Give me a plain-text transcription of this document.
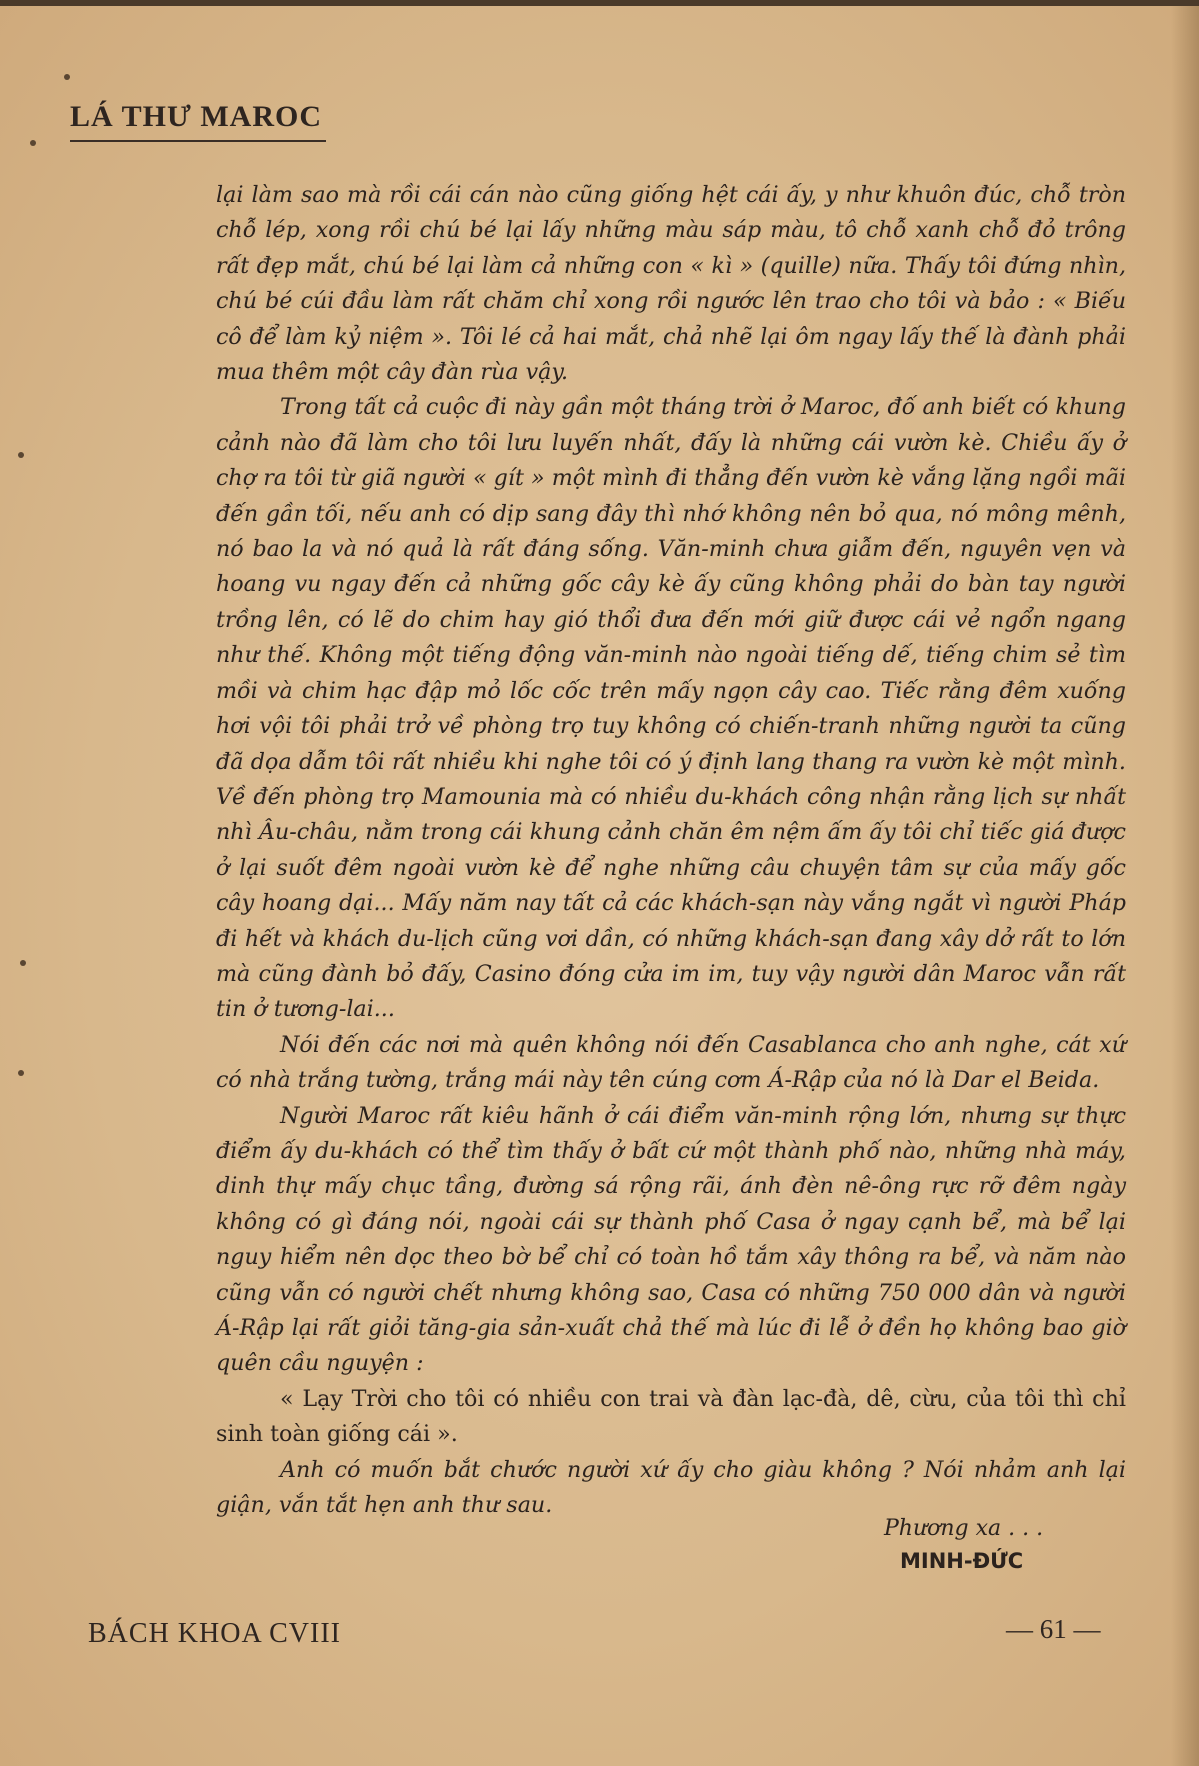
LÁ THƯ MAROC

lại làm sao mà rồi cái cán nào cũng giống hệt cái ấy, y như khuôn đúc, chỗ tròn chỗ lép, xong rồi chú bé lại lấy những màu sáp màu, tô chỗ xanh chỗ đỏ trông rất đẹp mắt, chú bé lại làm cả những con « kì » (quille) nữa. Thấy tôi đứng nhìn, chú bé cúi đầu làm rất chăm chỉ xong rồi ngước lên trao cho tôi và bảo : « Biếu cô để làm kỷ niệm ». Tôi lé cả hai mắt, chả nhẽ lại ôm ngay lấy thế là đành phải mua thêm một cây đàn rùa vậy.

Trong tất cả cuộc đi này gần một tháng trời ở Maroc, đố anh biết có khung cảnh nào đã làm cho tôi lưu luyến nhất, đấy là những cái vườn kè. Chiều ấy ở chợ ra tôi từ giã người « gít » một mình đi thẳng đến vườn kè vắng lặng ngồi mãi đến gần tối, nếu anh có dịp sang đây thì nhớ không nên bỏ qua, nó mông mênh, nó bao la và nó quả là rất đáng sống. Văn-minh chưa giẫm đến, nguyên vẹn và hoang vu ngay đến cả những gốc cây kè ấy cũng không phải do bàn tay người trồng lên, có lẽ do chim hay gió thổi đưa đến mới giữ được cái vẻ ngổn ngang như thế. Không một tiếng động văn-minh nào ngoài tiếng dế, tiếng chim sẻ tìm mồi và chim hạc đập mỏ lốc cốc trên mấy ngọn cây cao. Tiếc rằng đêm xuống hơi vội tôi phải trở về phòng trọ tuy không có chiến-tranh những người ta cũng đã dọa dẫm tôi rất nhiều khi nghe tôi có ý định lang thang ra vườn kè một mình. Về đến phòng trọ Mamounia mà có nhiều du-khách công nhận rằng lịch sự nhất nhì Âu-châu, nằm trong cái khung cảnh chăn êm nệm ấm ấy tôi chỉ tiếc giá được ở lại suốt đêm ngoài vườn kè để nghe những câu chuyện tâm sự của mấy gốc cây hoang dại... Mấy năm nay tất cả các khách-sạn này vắng ngắt vì người Pháp đi hết và khách du-lịch cũng vơi dần, có những khách-sạn đang xây dở rất to lớn mà cũng đành bỏ đấy, Casino đóng cửa im im, tuy vậy người dân Maroc vẫn rất tin ở tương-lai...

Nói đến các nơi mà quên không nói đến Casablanca cho anh nghe, cát xứ có nhà trắng tường, trắng mái này tên cúng cơm Á-Rập của nó là Dar el Beida.

Người Maroc rất kiêu hãnh ở cái điểm văn-minh rộng lớn, nhưng sự thực điểm ấy du-khách có thể tìm thấy ở bất cứ một thành phố nào, những nhà máy, dinh thự mấy chục tầng, đường sá rộng rãi, ánh đèn nê-ông rực rỡ đêm ngày không có gì đáng nói, ngoài cái sự thành phố Casa ở ngay cạnh bể, mà bể lại nguy hiểm nên dọc theo bờ bể chỉ có toàn hồ tắm xây thông ra bể, và năm nào cũng vẫn có người chết nhưng không sao, Casa có những 750 000 dân và người Á-Rập lại rất giỏi tăng-gia sản-xuất chả thế mà lúc đi lễ ở đền họ không bao giờ quên cầu nguyện :

« Lạy Trời cho tôi có nhiều con trai và đàn lạc-đà, dê, cừu, của tôi thì chỉ sinh toàn giống cái ».

Anh có muốn bắt chước người xứ ấy cho giàu không ? Nói nhảm anh lại giận, vắn tắt hẹn anh thư sau.

Phương xa . . .
MINH-ĐỨC
BÁCH KHOA CVIII	— 61 —
